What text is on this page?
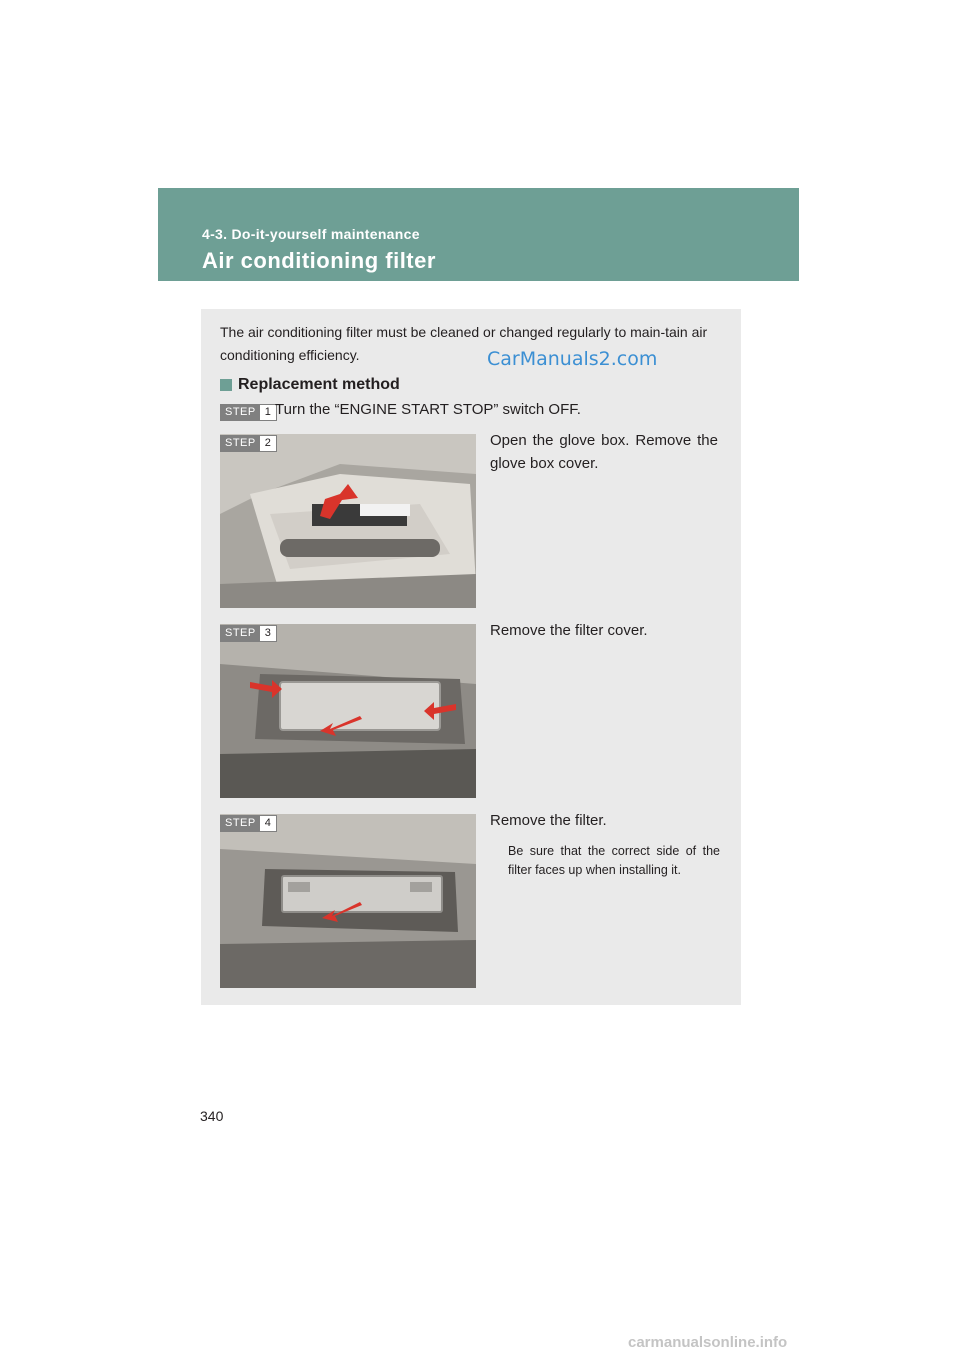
4-3. Do-it-yourself maintenance
Air conditioning filter
The air conditioning filter must be cleaned or changed regularly to main-tain air conditioning efficiency.	CarManuals2.com
Replacement method
STEP 1 Turn the “ENGINE START STOP” switch OFF.
STEP 2	Open the glove box. Remove the glove box cover.
STEP 3	Remove the filter cover.
STEP 4	Remove the filter.
Be sure that the correct side of the filter faces up when installing it.
340
carmanualsonline.info
